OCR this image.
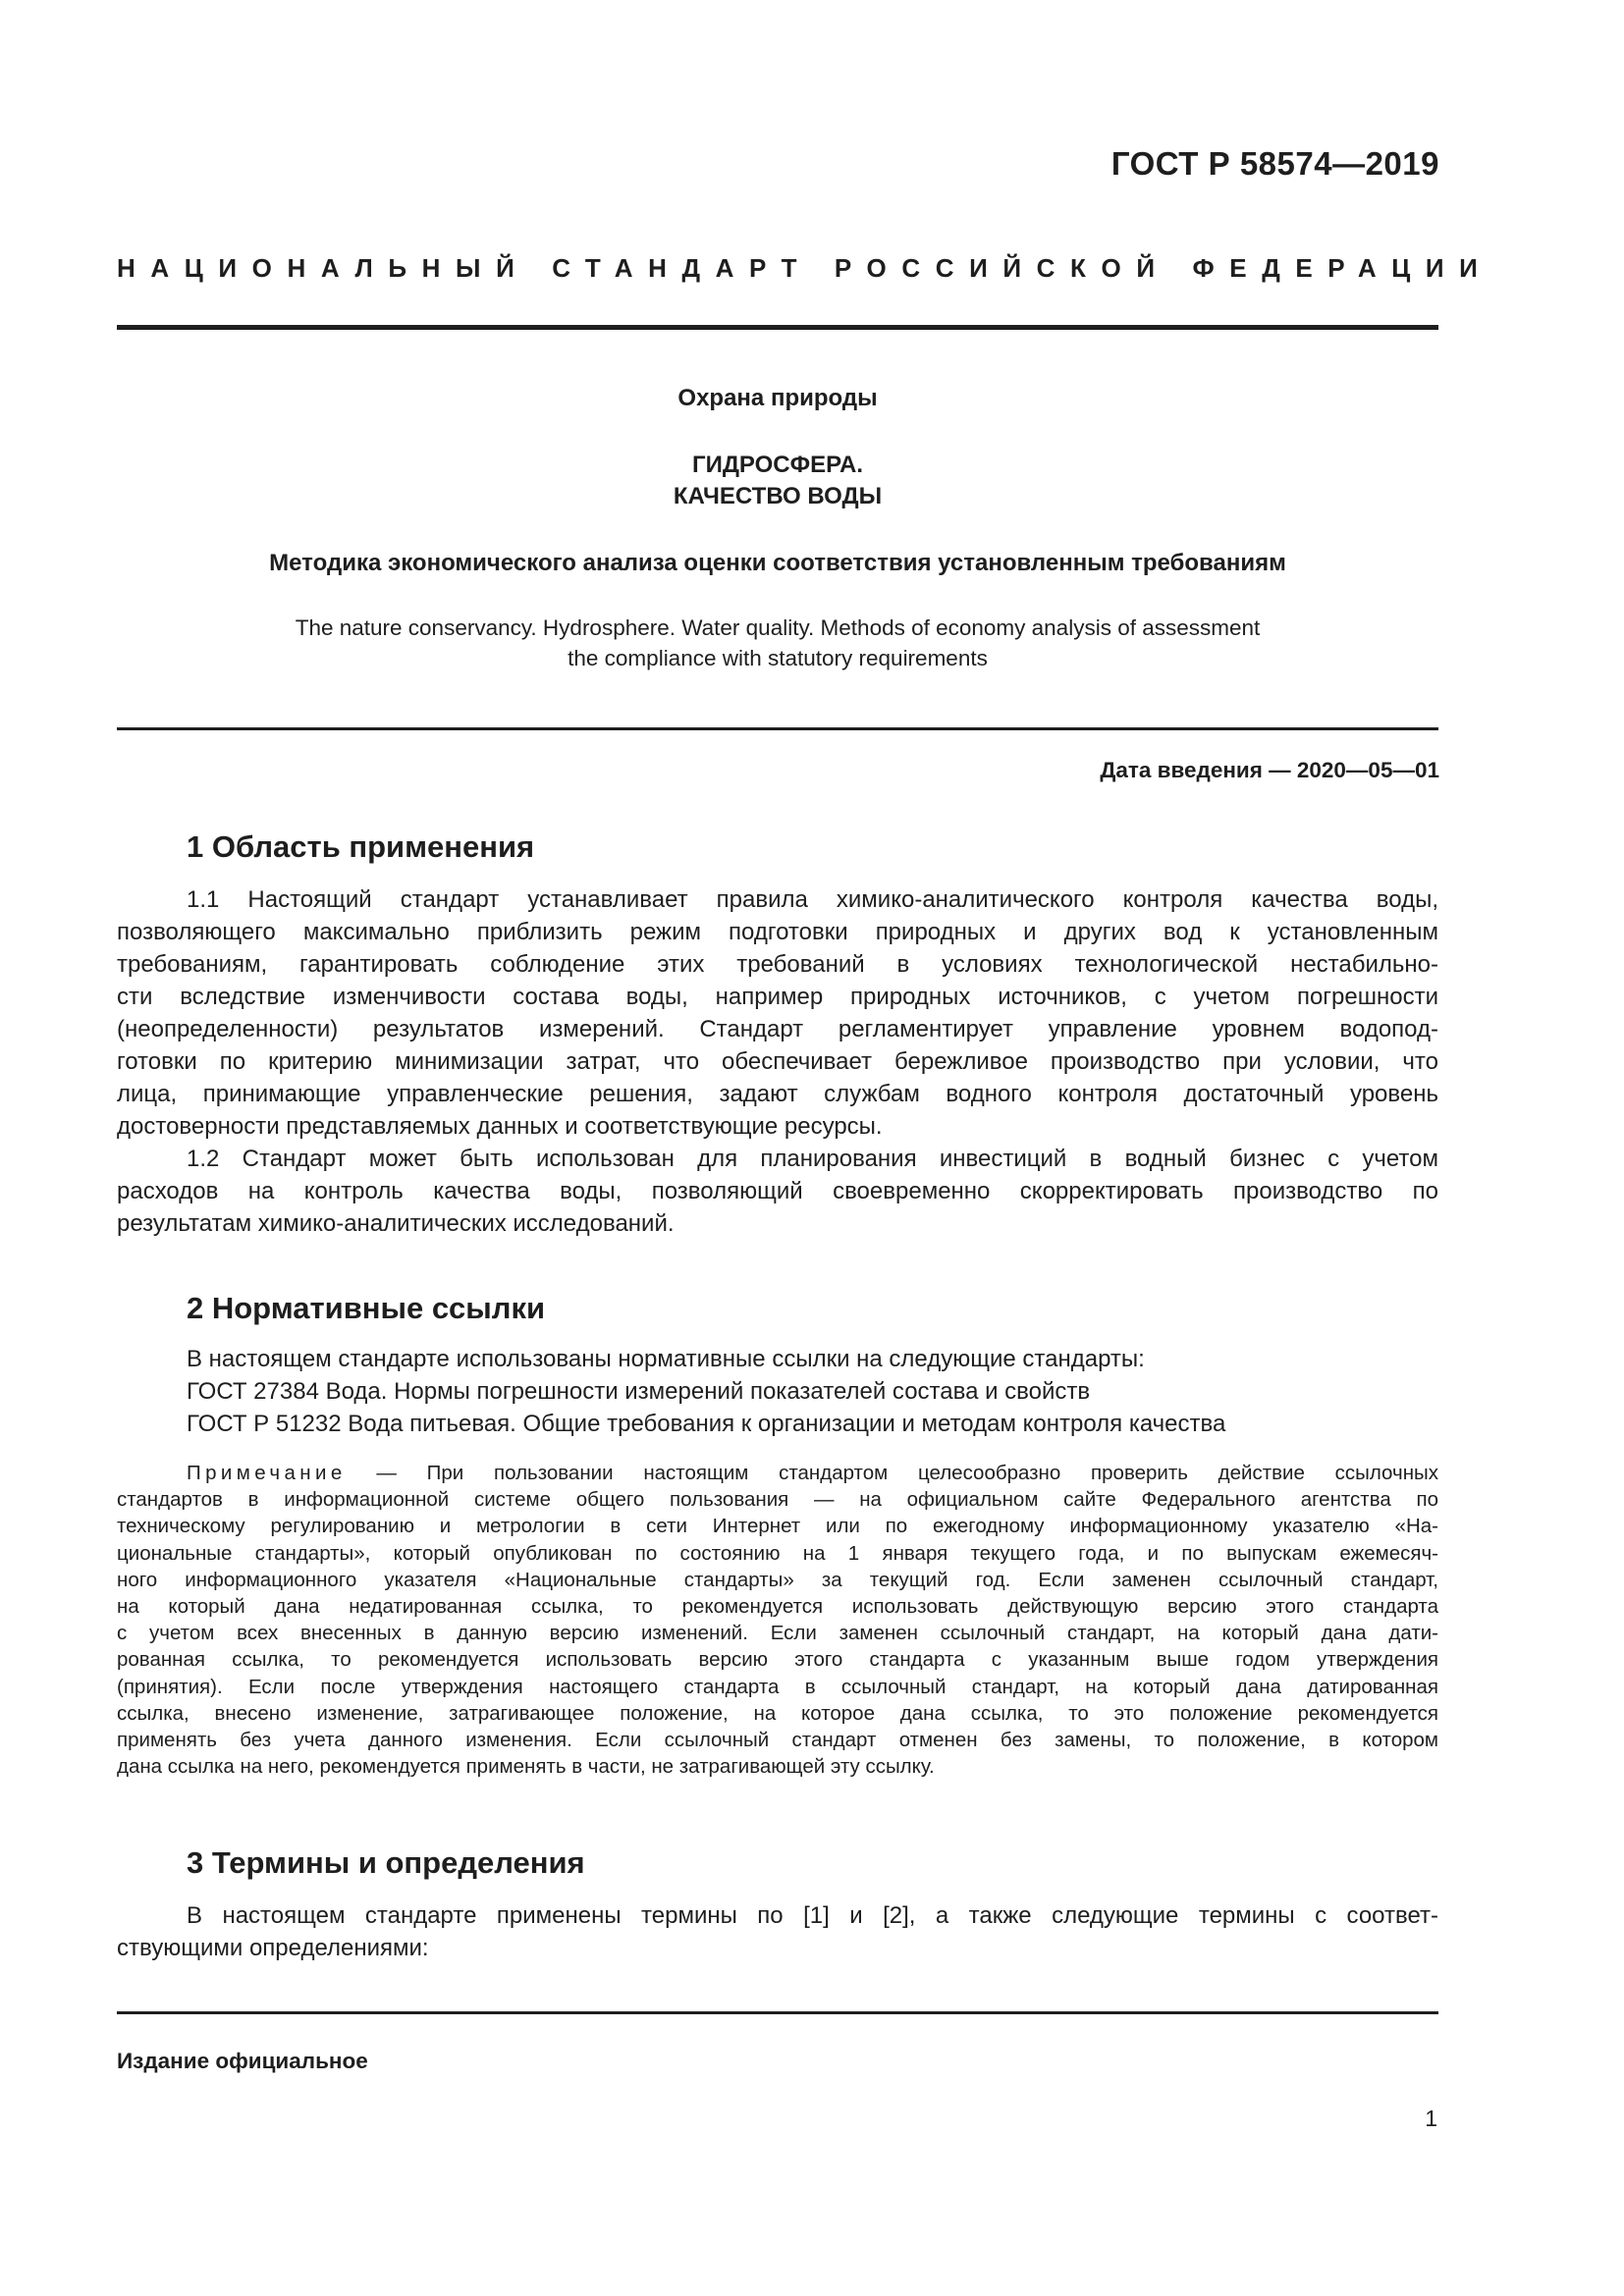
ГОСТ Р 58574—2019
НАЦИОНАЛЬНЫЙ СТАНДАРТ РОССИЙСКОЙ ФЕДЕРАЦИИ
Охрана природы
ГИДРОСФЕРА.
КАЧЕСТВО ВОДЫ
Методика экономического анализа оценки соответствия установленным требованиям
The nature conservancy. Hydrosphere. Water quality. Methods of economy analysis of assessment
the compliance with statutory requirements
Дата введения — 2020—05—01
1 Область применения
1.1 Настоящий стандарт устанавливает правила химико-аналитического контроля качества воды,
позволяющего максимально приблизить режим подготовки природных и других вод к установленным
требованиям, гарантировать соблюдение этих требований в условиях технологической нестабильно-
сти вследствие изменчивости состава воды, например природных источников, с учетом погрешности
(неопределенности) результатов измерений. Стандарт регламентирует управление уровнем водопод-
готовки по критерию минимизации затрат, что обеспечивает бережливое производство при условии, что
лица, принимающие управленческие решения, задают службам водного контроля достаточный уровень
достоверности представляемых данных и соответствующие ресурсы.
1.2 Стандарт может быть использован для планирования инвестиций в водный бизнес с учетом
расходов на контроль качества воды, позволяющий своевременно скорректировать производство по
результатам химико-аналитических исследований.
2 Нормативные ссылки
В настоящем стандарте использованы нормативные ссылки на следующие стандарты:
ГОСТ 27384 Вода. Нормы погрешности измерений показателей состава и свойств
ГОСТ Р 51232 Вода питьевая. Общие требования к организации и методам контроля качества
Примечание — При пользовании настоящим стандартом целесообразно проверить действие ссылочных
стандартов в информационной системе общего пользования — на официальном сайте Федерального агентства по
техническому регулированию и метрологии в сети Интернет или по ежегодному информационному указателю «На-
циональные стандарты», который опубликован по состоянию на 1 января текущего года, и по выпускам ежемесяч-
ного информационного указателя «Национальные стандарты» за текущий год. Если заменен ссылочный стандарт,
на который дана недатированная ссылка, то рекомендуется использовать действующую версию этого стандарта
с учетом всех внесенных в данную версию изменений. Если заменен ссылочный стандарт, на который дана дати-
рованная ссылка, то рекомендуется использовать версию этого стандарта с указанным выше годом утверждения
(принятия). Если после утверждения настоящего стандарта в ссылочный стандарт, на который дана датированная
ссылка, внесено изменение, затрагивающее положение, на которое дана ссылка, то это положение рекомендуется
применять без учета данного изменения. Если ссылочный стандарт отменен без замены, то положение, в котором
дана ссылка на него, рекомендуется применять в части, не затрагивающей эту ссылку.
3 Термины и определения
В настоящем стандарте применены термины по [1] и [2], а также следующие термины с соответ-
ствующими определениями:
Издание официальное
1
